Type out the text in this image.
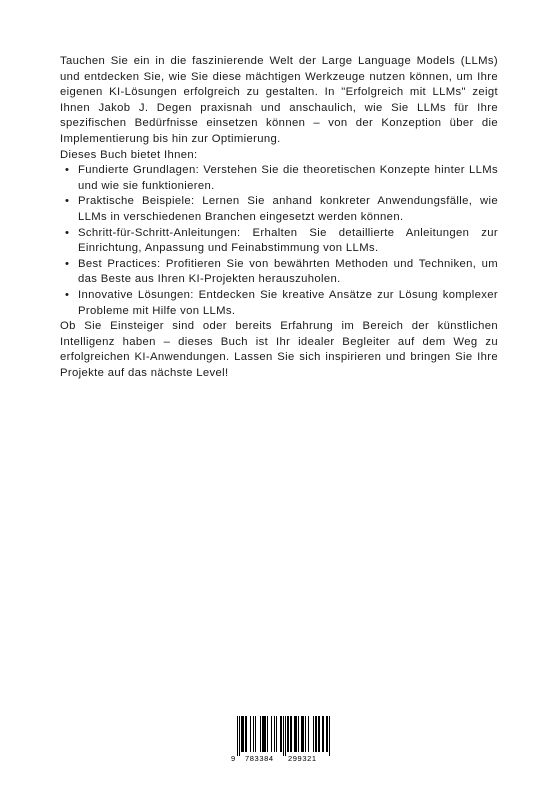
Tauchen Sie ein in die faszinierende Welt der Large Language Models (LLMs) und entdecken Sie, wie Sie diese mächtigen Werkzeuge nutzen können, um Ihre eigenen KI-Lösungen erfolgreich zu gestalten. In "Erfolgreich mit LLMs" zeigt Ihnen Jakob J. Degen praxisnah und anschaulich, wie Sie LLMs für Ihre spezifischen Bedürfnisse einsetzen können – von der Konzeption über die Implementierung bis hin zur Optimierung.

Dieses Buch bietet Ihnen:

• Fundierte Grundlagen: Verstehen Sie die theoretischen Konzepte hinter LLMs und wie sie funktionieren.
• Praktische Beispiele: Lernen Sie anhand konkreter Anwendungsfälle, wie LLMs in verschiedenen Branchen eingesetzt werden können.
• Schritt-für-Schritt-Anleitungen: Erhalten Sie detaillierte Anleitungen zur Einrichtung, Anpassung und Feinabstimmung von LLMs.
• Best Practices: Profitieren Sie von bewährten Methoden und Techniken, um das Beste aus Ihren KI-Projekten herauszuholen.
• Innovative Lösungen: Entdecken Sie kreative Ansätze zur Lösung komplexer Probleme mit Hilfe von LLMs.

Ob Sie Einsteiger sind oder bereits Erfahrung im Bereich der künstlichen Intelligenz haben – dieses Buch ist Ihr idealer Begleiter auf dem Weg zu erfolgreichen KI-Anwendungen. Lassen Sie sich inspirieren und bringen Sie Ihre Projekte auf das nächste Level!

9 783384 299321
